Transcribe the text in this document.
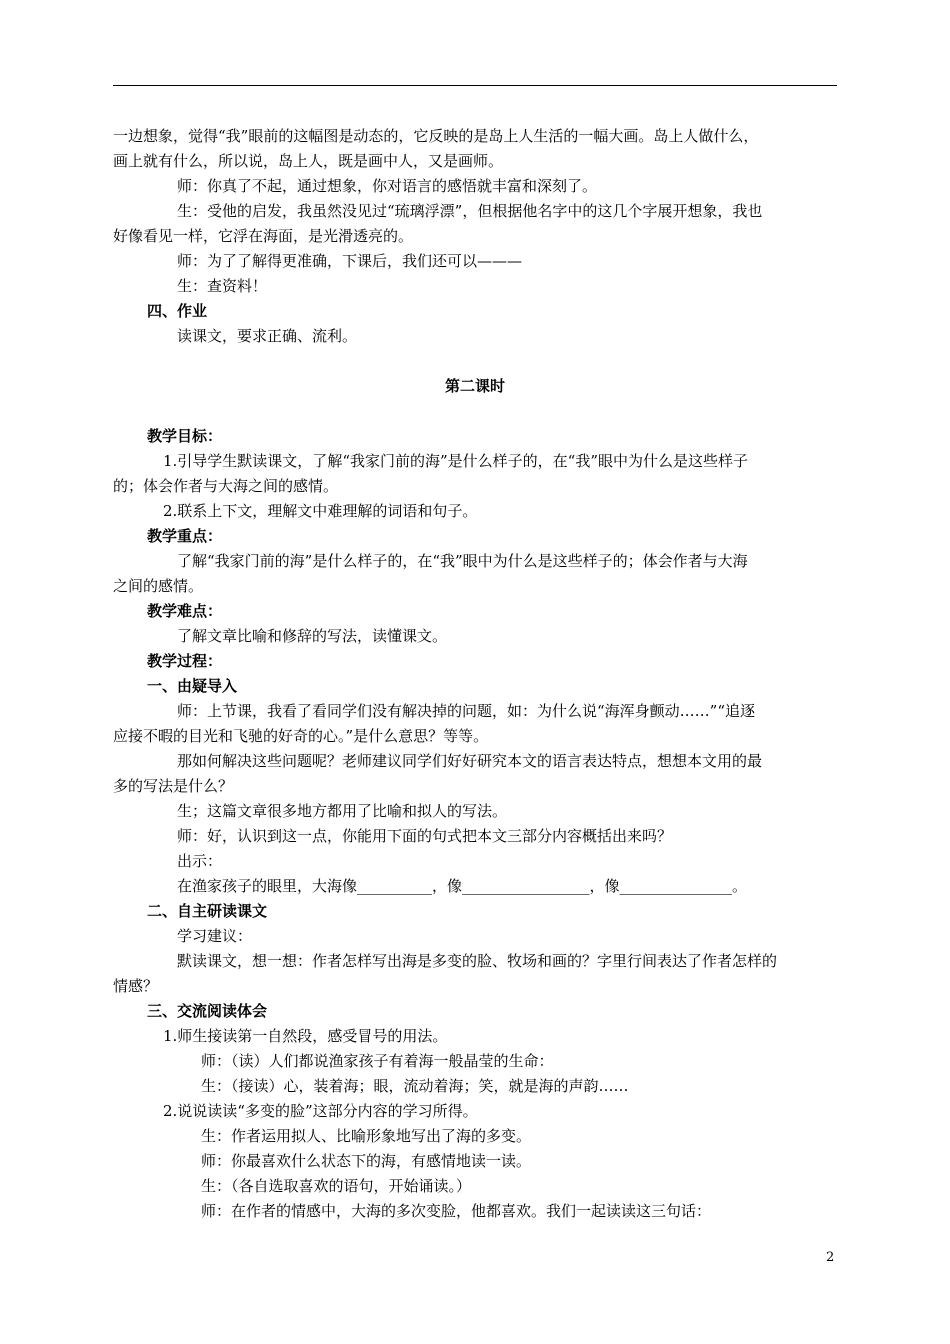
一边想象，觉得“我”眼前的这幅图是动态的，它反映的是岛上人生活的一幅大画。岛上人做什么，
画上就有什么，所以说，岛上人，既是画中人，又是画师。
师：你真了不起，通过想象，你对语言的感悟就丰富和深刻了。
生：受他的启发，我虽然没见过“琉璃浮漂”，但根据他名字中的这几个字展开想象，我也
好像看见一样，它浮在海面，是光滑透亮的。
师：为了了解得更准确，下课后，我们还可以———
生：查资料！
四、作业
读课文，要求正确、流利。
第二课时
教学目标：
1.引导学生默读课文，了解“我家门前的海”是什么样子的，在“我”眼中为什么是这些样子
的；体会作者与大海之间的感情。
2.联系上下文，理解文中难理解的词语和句子。
教学重点：
了解“我家门前的海”是什么样子的，在“我”眼中为什么是这些样子的；体会作者与大海
之间的感情。
教学难点：
了解文章比喻和修辞的写法，读懂课文。
教学过程：
一、由疑导入
师：上节课，我看了看同学们没有解决掉的问题，如：为什么说“海浑身颤动……”“追逐
应接不暇的目光和飞驰的好奇的心。”是什么意思？等等。
那如何解决这些问题呢？老师建议同学们好好研究本文的语言表达特点，想想本文用的最
多的写法是什么？
生；这篇文章很多地方都用了比喻和拟人的写法。
师：好，认识到这一点，你能用下面的句式把本文三部分内容概括出来吗？
出示：
在渔家孩子的眼里，大海像__________，像_________________，像_______________。
二、自主研读课文
学习建议：
默读课文，想一想：作者怎样写出海是多变的脸、牧场和画的？字里行间表达了作者怎样的
情感？
三、交流阅读体会
1.师生接读第一自然段，感受冒号的用法。
师：（读）人们都说渔家孩子有着海一般晶莹的生命：
生：（接读）心，装着海；眼，流动着海；笑，就是海的声韵……
2.说说读读“多变的脸”这部分内容的学习所得。
生：作者运用拟人、比喻形象地写出了海的多变。
师：你最喜欢什么状态下的海，有感情地读一读。
生：（各自选取喜欢的语句，开始诵读。）
师：在作者的情感中，大海的多次变脸，他都喜欢。我们一起读读这三句话：
2
